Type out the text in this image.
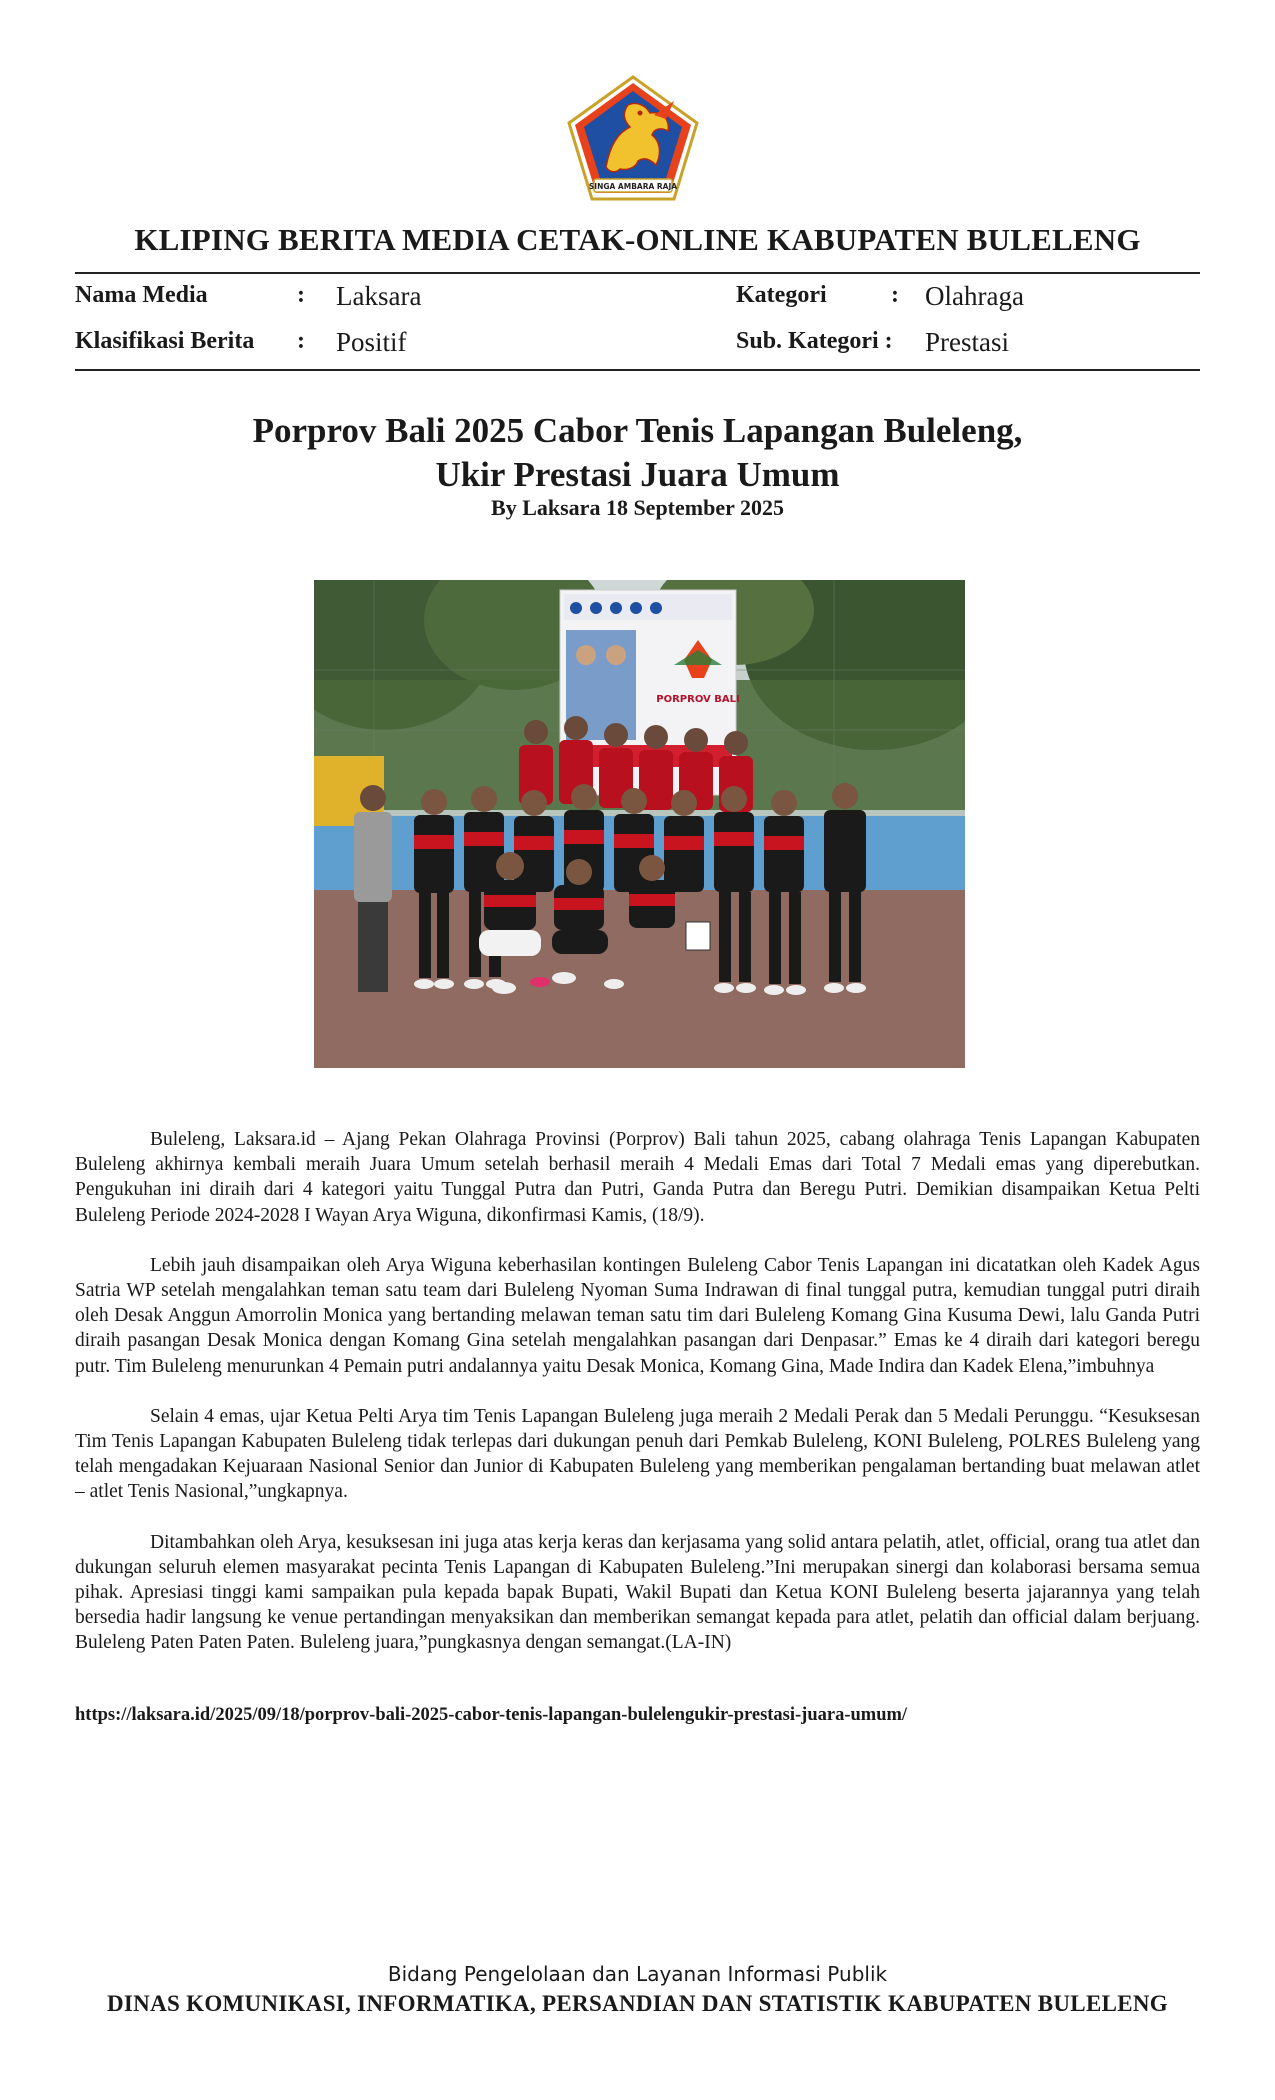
SINGA AMBARA RAJA
KLIPING BERITA MEDIA CETAK-ONLINE KABUPATEN BULELENG
Nama Media	: Laksara
Klasifikasi Berita : Positif
Kategori	: Olahraga
Sub. Kategori : Prestasi
Porprov Bali 2025 Cabor Tenis Lapangan Buleleng,
Ukir Prestasi Juara Umum
By Laksara 18 September 2025
PORPROV BALI

Buleleng, Laksara.id – Ajang Pekan Olahraga Provinsi (Porprov) Bali tahun 2025, cabang olahraga Tenis Lapangan Kabupaten Buleleng akhirnya kembali meraih Juara Umum setelah berhasil meraih 4 Medali Emas dari Total 7 Medali emas yang diperebutkan. Pengukuhan ini diraih dari 4 kategori yaitu Tunggal Putra dan Putri, Ganda Putra dan Beregu Putri. Demikian disampaikan Ketua Pelti Buleleng Periode 2024-2028 I Wayan Arya Wiguna, dikonfirmasi Kamis, (18/9).

Lebih jauh disampaikan oleh Arya Wiguna keberhasilan kontingen Buleleng Cabor Tenis Lapangan ini dicatatkan oleh Kadek Agus Satria WP setelah mengalahkan teman satu team dari Buleleng Nyoman Suma Indrawan di final tunggal putra, kemudian tunggal putri diraih oleh Desak Anggun Amorrolin Monica yang bertanding melawan teman satu tim dari Buleleng Komang Gina Kusuma Dewi, lalu Ganda Putri diraih pasangan Desak Monica dengan Komang Gina setelah mengalahkan pasangan dari Denpasar.” Emas ke 4 diraih dari kategori beregu putr. Tim Buleleng menurunkan 4 Pemain putri andalannya yaitu Desak Monica, Komang Gina, Made Indira dan Kadek Elena,”imbuhnya

Selain 4 emas, ujar Ketua Pelti Arya tim Tenis Lapangan Buleleng juga meraih 2 Medali Perak dan 5 Medali Perunggu. “Kesuksesan Tim Tenis Lapangan Kabupaten Buleleng tidak terlepas dari dukungan penuh dari Pemkab Buleleng, KONI Buleleng, POLRES Buleleng yang telah mengadakan Kejuaraan Nasional Senior dan Junior di Kabupaten Buleleng yang memberikan pengalaman bertanding buat melawan atlet – atlet Tenis Nasional,”ungkapnya.

Ditambahkan oleh Arya, kesuksesan ini juga atas kerja keras dan kerjasama yang solid antara pelatih, atlet, official, orang tua atlet dan dukungan seluruh elemen masyarakat pecinta Tenis Lapangan di Kabupaten Buleleng.”Ini merupakan sinergi dan kolaborasi bersama semua pihak. Apresiasi tinggi kami sampaikan pula kepada bapak Bupati, Wakil Bupati dan Ketua KONI Buleleng beserta jajarannya yang telah bersedia hadir langsung ke venue pertandingan menyaksikan dan memberikan semangat kepada para atlet, pelatih dan official dalam berjuang. Buleleng Paten Paten Paten. Buleleng juara,”pungkasnya dengan semangat.(LA-IN)

https://laksara.id/2025/09/18/porprov-bali-2025-cabor-tenis-lapangan-bulelengukir-prestasi-juara-umum/
Bidang Pengelolaan dan Layanan Informasi Publik
DINAS KOMUNIKASI, INFORMATIKA, PERSANDIAN DAN STATISTIK KABUPATEN BULELENG
